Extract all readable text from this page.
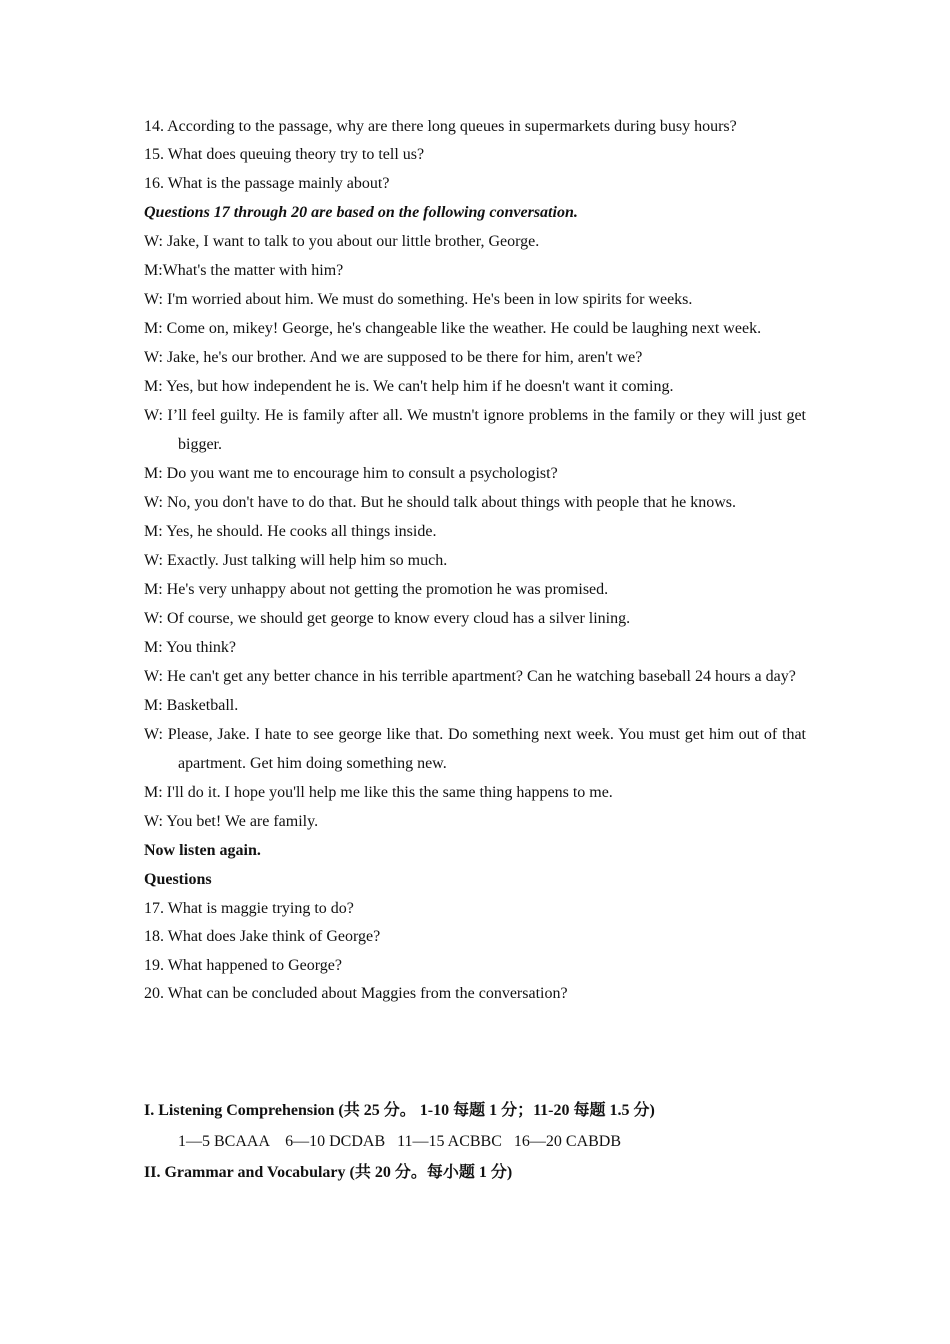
14. According to the passage, why are there long queues in supermarkets during busy hours?
15. What does queuing theory try to tell us?
16. What is the passage mainly about?
Questions 17 through 20 are based on the following conversation.
W: Jake, I want to talk to you about our little brother, George.
M:What's the matter with him?
W: I'm worried about him. We must do something. He's been in low spirits for weeks.
M: Come on, mikey! George, he's changeable like the weather. He could be laughing next week.
W: Jake, he's our brother. And we are supposed to be there for him, aren't we?
M: Yes, but how independent he is. We can't help him if he doesn't want it coming.
W: I’ll feel guilty. He is family after all. We mustn't ignore problems in the family or they will just get bigger.
M: Do you want me to encourage him to consult a psychologist?
W: No, you don't have to do that. But he should talk about things with people that he knows.
M: Yes, he should. He cooks all things inside.
W: Exactly. Just talking will help him so much.
M: He's very unhappy about not getting the promotion he was promised.
W: Of course, we should get george to know every cloud has a silver lining.
M: You think?
W: He can't get any better chance in his terrible apartment? Can he watching baseball 24 hours a day?
M: Basketball.
W: Please, Jake. I hate to see george like that. Do something next week. You must get him out of that apartment. Get him doing something new.
M: I'll do it. I hope you'll help me like this the same thing happens to me.
W: You bet! We are family.
Now listen again.
Questions
17. What is maggie trying to do?
18. What does Jake think of George?
19. What happened to George?
20. What can be concluded about Maggies from the conversation?
I. Listening Comprehension (共 25 分。 1-10 每题 1 分；11-20 每题 1.5 分)
1—5 BCAAA    6—10 DCDAB   11—15 ACBBC   16—20 CABDB
II. Grammar and Vocabulary (共 20 分。每小题 1 分)
